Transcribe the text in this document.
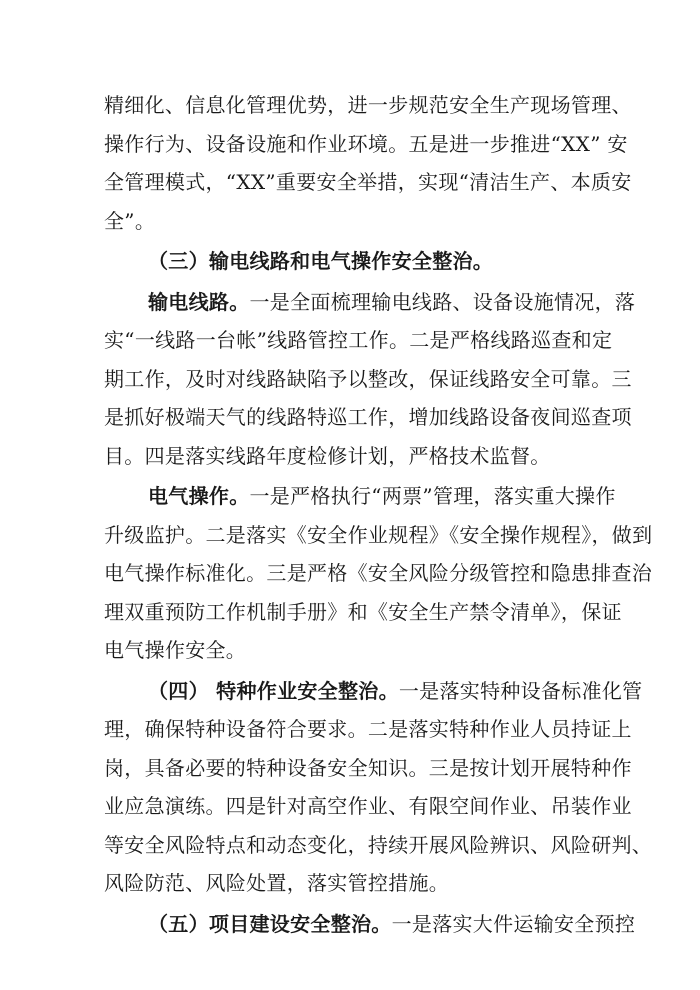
精细化、信息化管理优势，进一步规范安全生产现场管理、
操作行为、设备设施和作业环境。五是进一步推进“XX” 安
全管理模式，“XX”重要安全举措，实现“清洁生产、本质安
全”。
（三）输电线路和电气操作安全整治。
输电线路。一是全面梳理输电线路、设备设施情况，落
实“一线路一台帐”线路管控工作。二是严格线路巡查和定
期工作，及时对线路缺陷予以整改，保证线路安全可靠。三
是抓好极端天气的线路特巡工作，增加线路设备夜间巡查项
目。四是落实线路年度检修计划，严格技术监督。
电气操作。一是严格执行“两票”管理，落实重大操作
升级监护。二是落实《安全作业规程》《安全操作规程》，做到
电气操作标准化。三是严格《安全风险分级管控和隐患排查治
理双重预防工作机制手册》和《安全生产禁令清单》，保证
电气操作安全。
（四） 特种作业安全整治。一是落实特种设备标准化管
理，确保特种设备符合要求。二是落实特种作业人员持证上
岗，具备必要的特种设备安全知识。三是按计划开展特种作
业应急演练。四是针对高空作业、有限空间作业、吊装作业
等安全风险特点和动态变化，持续开展风险辨识、风险研判、
风险防范、风险处置，落实管控措施。
（五）项目建设安全整治。一是落实大件运输安全预控
